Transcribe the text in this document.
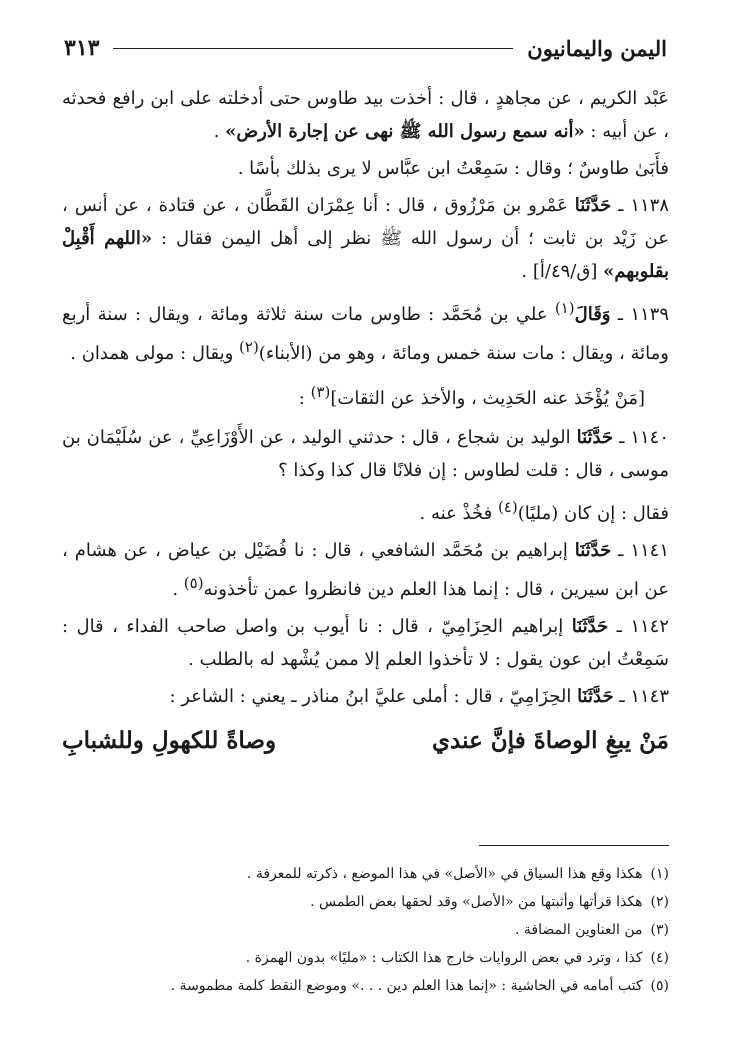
اليمن واليمانيون
٣١٣

عَبْد الكريم ، عن مجاهدٍ ، قال : أخذت بيد طاوس حتى أدخلته على ابن رافع فحدثه ، عن أبيه : «أنه سمع رسول الله ﷺ نهى عن إجارة الأرض» .

فأَبَىٰ طاوسٌ ؛ وقال : سَمِعْتُ ابن عبَّاس لا يرى بذلك بأسًا .

١١٣٨ ـ حَدَّثَنَا عَمْرو بن مَرْزُوق ، قال : أنا عِمْرَان القَطَّان ، عن قتادة ، عن أنس ، عن زَيْد بن ثابت ؛ أن رسول الله ﷺ نظر إلى أهل اليمن فقال : «اللهم أَقْبِلْ بقلوبهم» [ق/٤٩/أ] .

١١٣٩ ـ وَقَالَ$^{(١)}$ علي بن مُحَمَّد : طاوس مات سنة ثلاثة ومائة ، ويقال : سنة أربع ومائة ، ويقال : مات سنة خمس ومائة ، وهو من (الأبناء)$^{(٢)}$ ويقال : مولى همدان .

[مَنْ يُؤْخَذ عنه الحَدِيث ، والأخذ عن الثقات]$^{(٣)}$ :

١١٤٠ ـ حَدَّثَنَا الوليد بن شجاع ، قال : حدثني الوليد ، عن الأَوْزَاعِيِّ ، عن سُلَيْمَان بن موسى ، قال : قلت لطاوس : إن فلانًا قال كذا وكذا ؟

فقال : إن كان (مليًا)$^{(٤)}$ فخُذْ عنه .

١١٤١ ـ حَدَّثَنَا إبراهيم بن مُحَمَّد الشافعي ، قال : نا فُضَيْل بن عياض ، عن هشام ، عن ابن سيرين ، قال : إنما هذا العلم دين فانظروا عمن تأخذونه$^{(٥)}$ .

١١٤٢ ـ حَدَّثَنَا إبراهيم الحِزَامِيّ ، قال : نا أيوب بن واصل صاحب الفداء ، قال : سَمِعْتُ ابن عون يقول : لا تأخذوا العلم إلا ممن يُشْهد له بالطلب .

١١٤٣ ـ حَدَّثَنَا الحِزَامِيّ ، قال : أملى عليَّ ابنُ مناذر ـ يعني : الشاعر :

مَنْ يبغِ الوصاةَ فإنَّ عندي
وصاةً للكهولِ وللشبابِ

(١)هكذا وقع هذا السياق في «الأصل» في هذا الموضع ، ذكرته للمعرفة .

(٢)هكذا قرأتها وأثبتها من «الأصل» وقد لحقها بعض الطمس .

(٣)من العناوين المضافة .

(٤)كذا ، وترد في بعض الروايات خارج هذا الكتاب : «مليًا» بدون الهمزة .

(٥)كتب أمامه في الحاشية : «إنما هذا العلم دين . . .» وموضع النقط كلمة مطموسة .
